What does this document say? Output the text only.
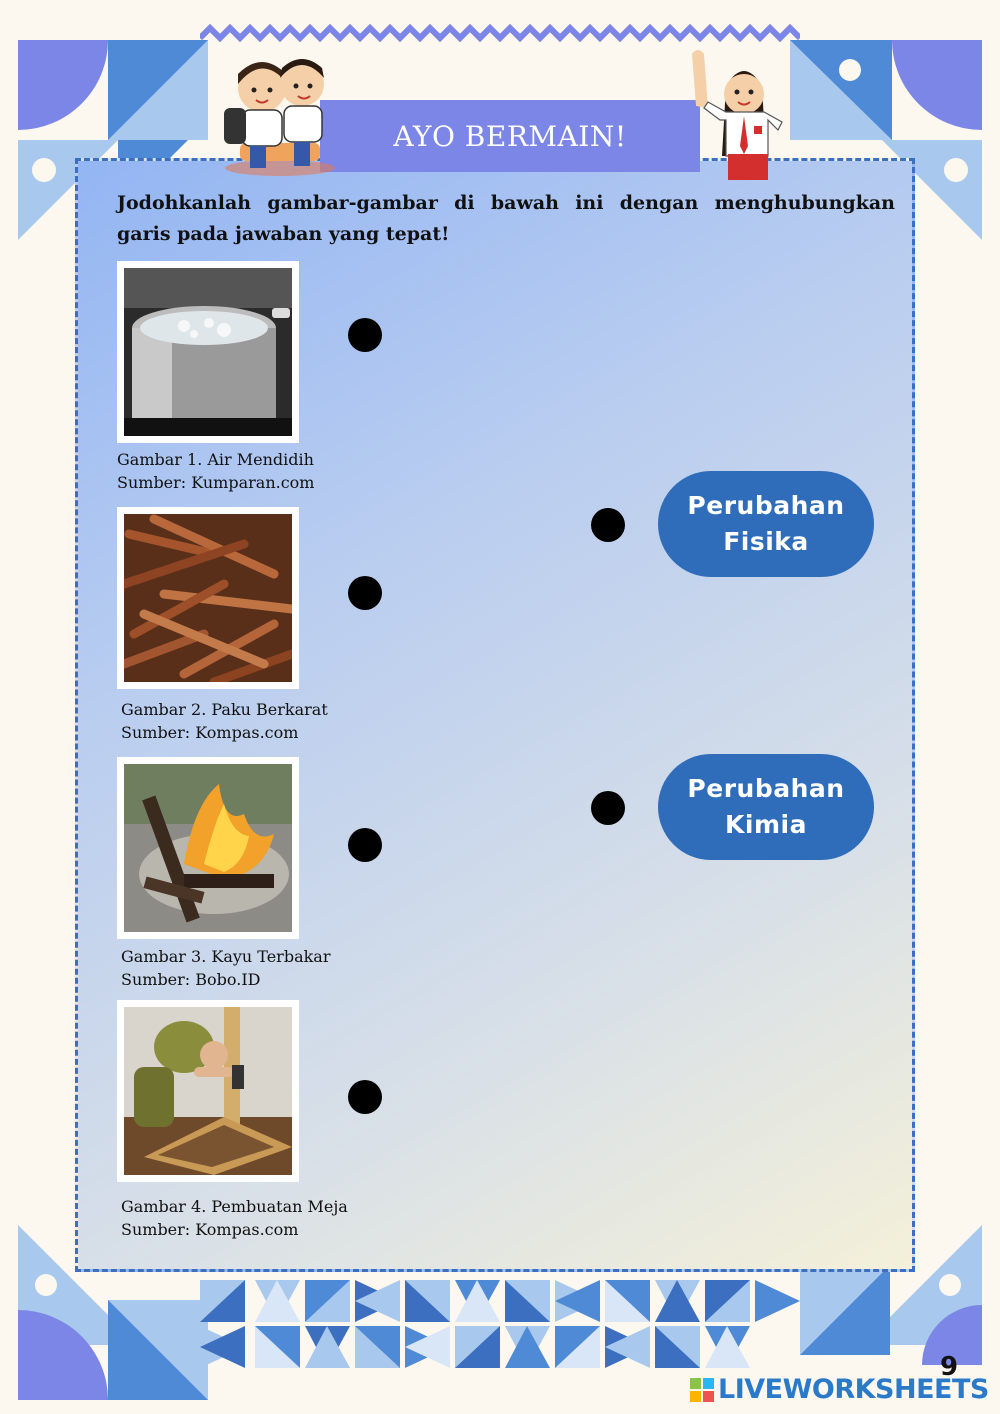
AYO BERMAIN!
Jodohkanlah gambar-gambar di bawah ini dengan menghubungkan garis pada jawaban yang tepat!
Gambar 1. Air Mendidih
Sumber: Kumparan.com
Gambar 2. Paku Berkarat
Sumber: Kompas.com
Gambar 3. Kayu Terbakar
Sumber: Bobo.ID
Gambar 4. Pembuatan Meja
Sumber: Kompas.com
Perubahan
Fisika
Perubahan
Kimia
9
LIVEWORKSHEETS
